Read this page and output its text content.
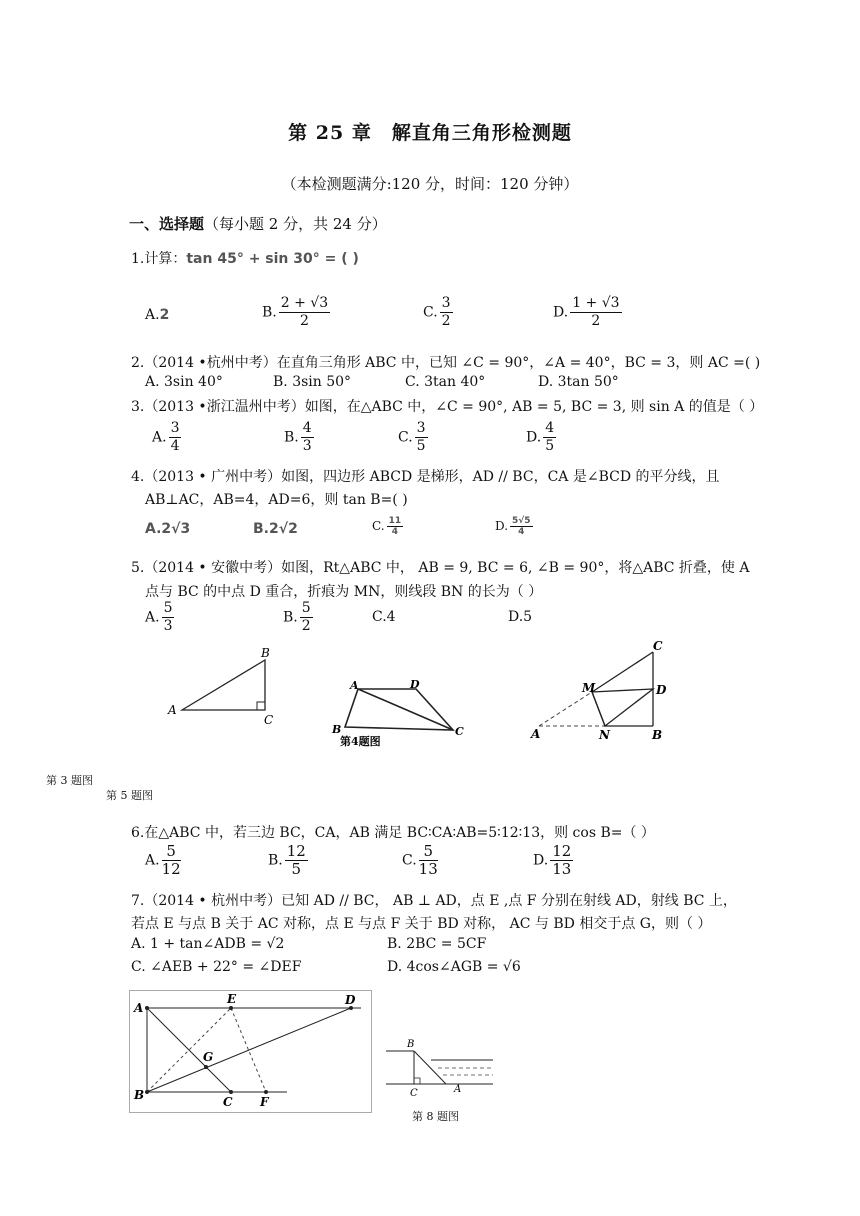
第 25 章　解直角三角形检测题
（本检测题满分:120 分，时间：120 分钟）
一、选择题（每小题 2 分，共 24 分）
1.计算：tan 45° + sin 30° = ( )
A.2	B. $\frac{2 + √3}{2}$	C. $\frac{3}{2}$	D. $\frac{1 + √3}{2}$
2.（2014 •杭州中考）在直角三角形 ABC 中，已知 ∠C = 90°，∠A = 40°，BC = 3，则 AC =( )
A. 3sin 40°	B. 3sin 50°	C. 3tan 40°	D. 3tan 50°
3.（2013 •浙江温州中考）如图，在△ABC 中，∠C = 90°, AB = 5, BC = 3, 则 sin A 的值是（ ）
A. $\frac{3}{4}$	B. $\frac{4}{3}$	C. $\frac{3}{5}$	D. $\frac{4}{5}$
4.（2013 • 广州中考）如图，四边形 ABCD 是梯形，AD // BC，CA 是∠BCD 的平分线，且
AB⊥AC，AB=4，AD=6，则 tan B=( )
A.2√3	B.2√2	C. $\frac{11}{4}$	D. $\frac{5√5}{4}$
5.（2014 • 安徽中考）如图，Rt△ABC 中， AB = 9, BC = 6, ∠B = 90°，将△ABC 折叠，使 A
点与 BC 的中点 D 重合，折痕为 MN，则线段 BN 的长为（ ）
A. $\frac{5}{3}$	B. $\frac{5}{2}$	C.4	D.5
A
B
C
A	D
B	C
第4题图
C
D
M
A	N	B
第 3 题图
第 5 题图
6.在△ABC 中，若三边 BC，CA，AB 满足 BC∶CA∶AB=5∶12∶13，则 cos B=（ ）
A. $\frac{5}{12}$	B. $\frac{12}{5}$	C. $\frac{5}{13}$	D. $\frac{12}{13}$
7.（2014 • 杭州中考）已知 AD // BC， AB ⊥ AD，点 E ,点 F 分别在射线 AD，射线 BC 上，
若点 E 与点 B 关于 AC 对称，点 E 与点 F 关于 BD 对称， AC 与 BD 相交于点 G，则（ ）
A. 1 + tan∠ADB = √2	B. 2BC = 5CF
C. ∠AEB + 22° = ∠DEF	D. 4cos∠AGB = √6
A
B
E	D
G
C F
B
C	A
第 8 题图
